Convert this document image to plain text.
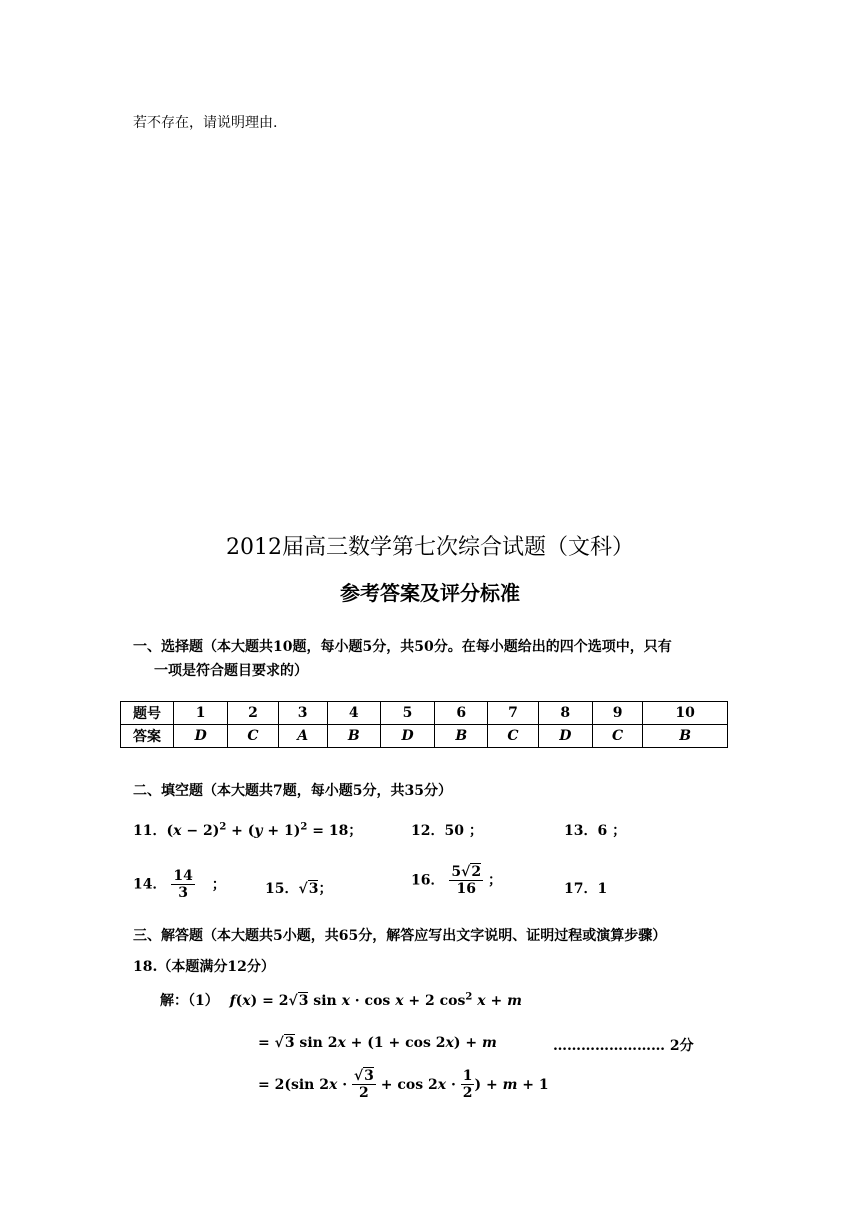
若不存在，请说明理由.
2012届高三数学第七次综合试题（文科）
参考答案及评分标准
一、选择题（本大题共10题，每小题5分，共50分。在每小题给出的四个选项中，只有
一项是符合题目要求的）
题号	1	2	3	4	5	6	7	8	9	10
答案	D	C	A	B	D	B	C	D	C	B
二、填空题（本大题共7题，每小题5分，共35分）
11．$(x - 2)^2 + (y + 1)^2 = 18$；	12．50 ；	13．6 ；
14． $\frac{14}{3}$ ；	15．√3；
16． $\frac{5√2}{16}$ ；
17．1
三、解答题（本大题共5小题，共65分，解答应写出文字说明、证明过程或演算步骤）
18.（本题满分12分）
解：（1） f(x) = 2√3 sin x · cos x + 2 $\cos^2 x + m$
= √3 sin 2x + (1 + cos 2x) + m	…………………… 2分
= 2(sin $2x \cdot \frac{√3}{2} + \cos 2x \cdot \frac{1}{2}$ ) + m + 1
